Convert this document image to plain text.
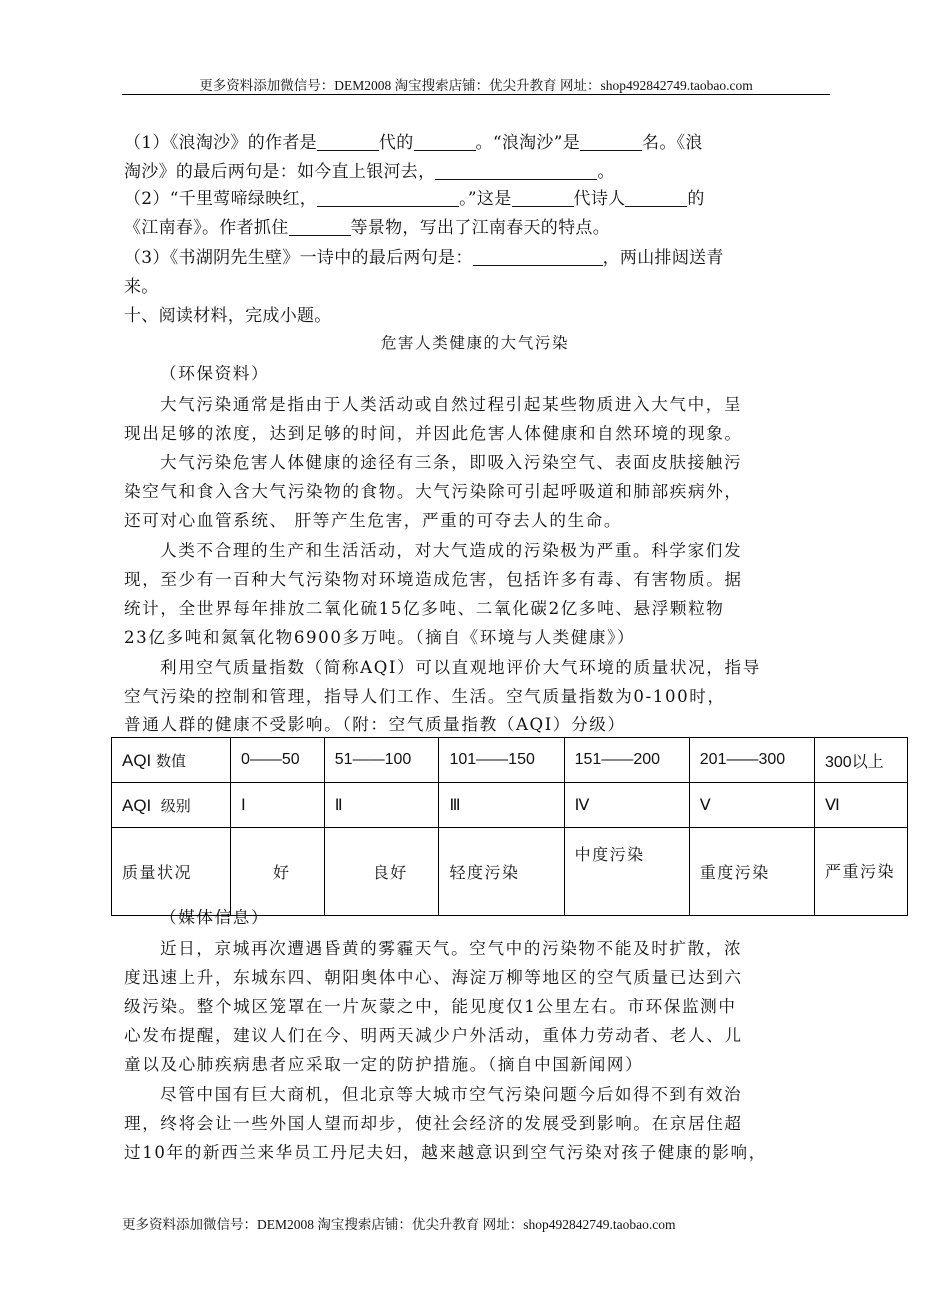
更多资料添加微信号：DEM2008 淘宝搜索店铺：优尖升教育 网址：shop492842749.taobao.com
（1）《浪淘沙》的作者是	代的	。“浪淘沙”是	名。《浪
淘沙》的最后两句是：如今直上银河去，	。
（2）“千里莺啼绿映红，	。”这是	代诗人	的
《江南春》。作者抓住	等景物，写出了江南春天的特点。
（3）《书湖阴先生壁》一诗中的最后两句是：	，两山排闼送青
来。
十、阅读材料，完成小题。
危害人类健康的大气污染
（环保资料）
大气污染通常是指由于人类活动或自然过程引起某些物质进入大气中，呈
现出足够的浓度，达到足够的时间，并因此危害人体健康和自然环境的现象。
大气污染危害人体健康的途径有三条，即吸入污染空气、表面皮肤接触污
染空气和食入含大气污染物的食物。大气污染除可引起呼吸道和肺部疾病外，
还可对心血管系统、 肝等产生危害，严重的可夺去人的生命。
人类不合理的生产和生活活动，对大气造成的污染极为严重。科学家们发
现，至少有一百种大气污染物对环境造成危害，包括许多有毒、有害物质。据
统计，全世界每年排放二氧化硫15亿多吨、二氧化碳2亿多吨、悬浮颗粒物
23亿多吨和氮氧化物6900多万吨。（摘自《环境与人类健康》）
利用空气质量指数（简称AQI）可以直观地评价大气环境的质量状况，指导
空气污染的控制和管理，指导人们工作、生活。空气质量指数为0-100时，
普通人群的健康不受影响。（附：空气质量指教（AQI）分级）
AQI 数值	0——50	51——100	101——150	151——200	201——300	300以上
AQI 级别	Ⅰ	Ⅱ	Ⅲ	Ⅳ	Ⅴ	Ⅵ
质量状况	好	良好	轻度污染	中度污染	重度污染	严重污染
（媒体信息）
近日，京城再次遭遇昏黄的雾霾天气。空气中的污染物不能及时扩散，浓
度迅速上升，东城东四、朝阳奥体中心、海淀万柳等地区的空气质量已达到六
级污染。整个城区笼罩在一片灰蒙之中，能见度仅1公里左右。市环保监测中
心发布提醒，建议人们在今、明两天减少户外活动，重体力劳动者、老人、儿
童以及心肺疾病患者应采取一定的防护措施。（摘自中国新闻网）
尽管中国有巨大商机，但北京等大城市空气污染问题今后如得不到有效治
理，终将会让一些外国人望而却步，使社会经济的发展受到影响。在京居住超
过10年的新西兰来华员工丹尼夫妇，越来越意识到空气污染对孩子健康的影响，
更多资料添加微信号：DEM2008 淘宝搜索店铺：优尖升教育 网址：shop492842749.taobao.com
